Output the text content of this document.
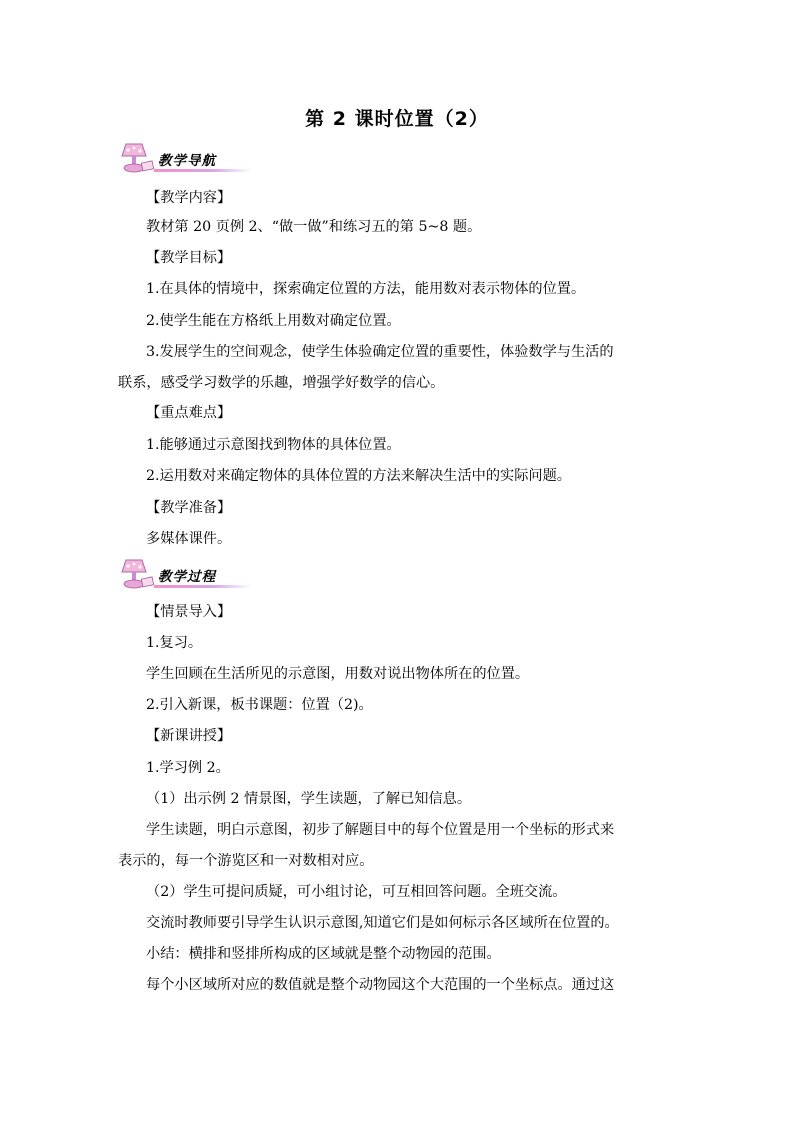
第 2 课时位置（2）
教学导航
【教学内容】
教材第 20 页例 2、“做一做”和练习五的第 5~8 题。
【教学目标】
1.在具体的情境中，探索确定位置的方法，能用数对表示物体的位置。
2.使学生能在方格纸上用数对确定位置。
3.发展学生的空间观念，使学生体验确定位置的重要性，体验数学与生活的
联系，感受学习数学的乐趣，增强学好数学的信心。
【重点难点】
1.能够通过示意图找到物体的具体位置。
2.运用数对来确定物体的具体位置的方法来解决生活中的实际问题。
【教学准备】
多媒体课件。
教学过程
【情景导入】
1.复习。
学生回顾在生活所见的示意图，用数对说出物体所在的位置。
2.引入新课，板书课题：位置（2)。
【新课讲授】
1.学习例 2。
（1）出示例 2 情景图，学生读题，了解已知信息。
学生读题，明白示意图，初步了解题目中的每个位置是用一个坐标的形式来
表示的，每一个游览区和一对数相对应。
（2）学生可提问质疑，可小组讨论，可互相回答问题。全班交流。
交流时教师要引导学生认识示意图,知道它们是如何标示各区域所在位置的。
小结：横排和竖排所构成的区域就是整个动物园的范围。
每个小区域所对应的数值就是整个动物园这个大范围的一个坐标点。通过这
